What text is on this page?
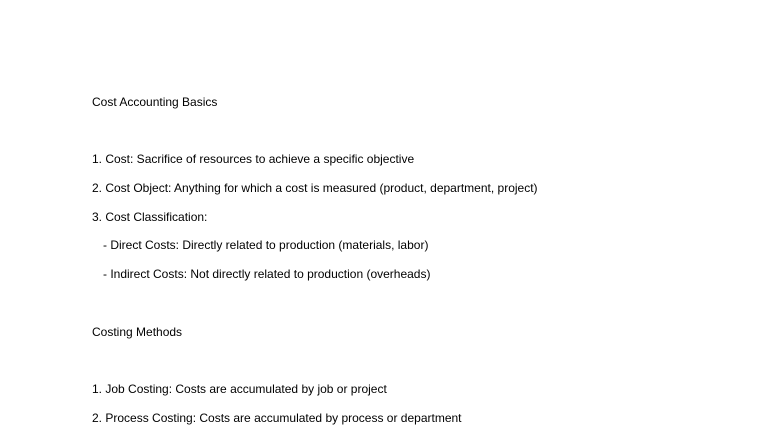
Cost Accounting Basics
1. Cost: Sacrifice of resources to achieve a specific objective
2. Cost Object: Anything for which a cost is measured (product, department, project)
3. Cost Classification:
- Direct Costs: Directly related to production (materials, labor)
- Indirect Costs: Not directly related to production (overheads)
Costing Methods
1. Job Costing: Costs are accumulated by job or project
2. Process Costing: Costs are accumulated by process or department
